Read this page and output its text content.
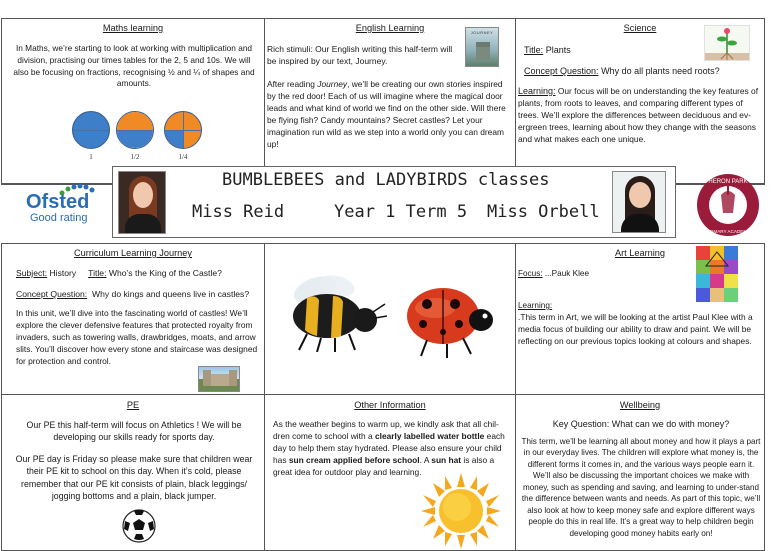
Maths learning
In Maths, we’re starting to look at working with multiplication and division, practising our times tables for the 2, 5 and 10s. We will also be focusing on fractions, recognising ½ and ¼ of shapes and amounts.
1	1/2	1/4
English Learning	JOURNEY
Rich stimuli: Our English writing this half-term will be inspired by our text, Journey.
After reading Journey, we’ll be creating our own stories inspired by the red door! Each of us will imagine where the magical door leads and what kind of world we find on the other side. Will there be flying fish? Candy mountains? Secret castles? Let your imagination run wild as we step into a world only you can dream up!
Science
Title: Plants
Concept Question: Why do all plants need roots?
Learning: Our focus will be on understanding the key features of plants, from roots to leaves, and comparing different types of trees. We’ll explore the differences between deciduous and ev-ergreen trees, learning about how they change with the seasons and what makes each one unique.
Ofsted
Good rating
BUMBLEBEES and LADYBIRDS classes
Miss Reid	Year 1 Term 5 Miss Orbell
HERON PARK
PRIMARY ACADEMY
Curriculum Learning Journey
Subject: History Title: Who’s the King of the Castle?
Concept Question: Why do kings and queens live in castles?
In this unit, we’ll dive into the fascinating world of castles! We’ll explore the clever defensive features that protected royalty from invaders, such as towering walls, drawbridges, moats, and arrow slits. You’ll discover how every stone and staircase was designed for protection and control.
Art Learning
Focus: ...Pauk Klee
Learning:
.This term in Art, we will be looking at the artist Paul Klee with a media focus of building our ability to draw and paint. We will be reflecting on our previous topics looking at colours and shapes.
PE
Our PE this half-term will focus on Athletics ! We will be developing our skills ready for sports day.
Our PE day is Friday so please make sure that children wear their PE kit to school on this day. When it’s cold, please remember that our PE kit consists of plain, black leggings/ jogging bottoms and a plain, black jumper.
Other Information
As the weather begins to warm up, we kindly ask that all chil-dren come to school with a clearly labelled water bottle each day to help them stay hydrated. Please also ensure your child has sun cream applied before school. A sun hat is also a great idea for outdoor play and learning.
Wellbeing
Key Question: What can we do with money?
This term, we’ll be learning all about money and how it plays a part in our everyday lives. The children will explore what money is, the different forms it comes in, and the various ways people earn it. We’ll also be discussing the important choices we make with money, such as spending and saving, and learning to under-stand the difference between wants and needs. As part of this topic, we’ll also look at how to keep money safe and explore different ways people do this in real life. It’s a great way to help children begin developing good money habits early on!
